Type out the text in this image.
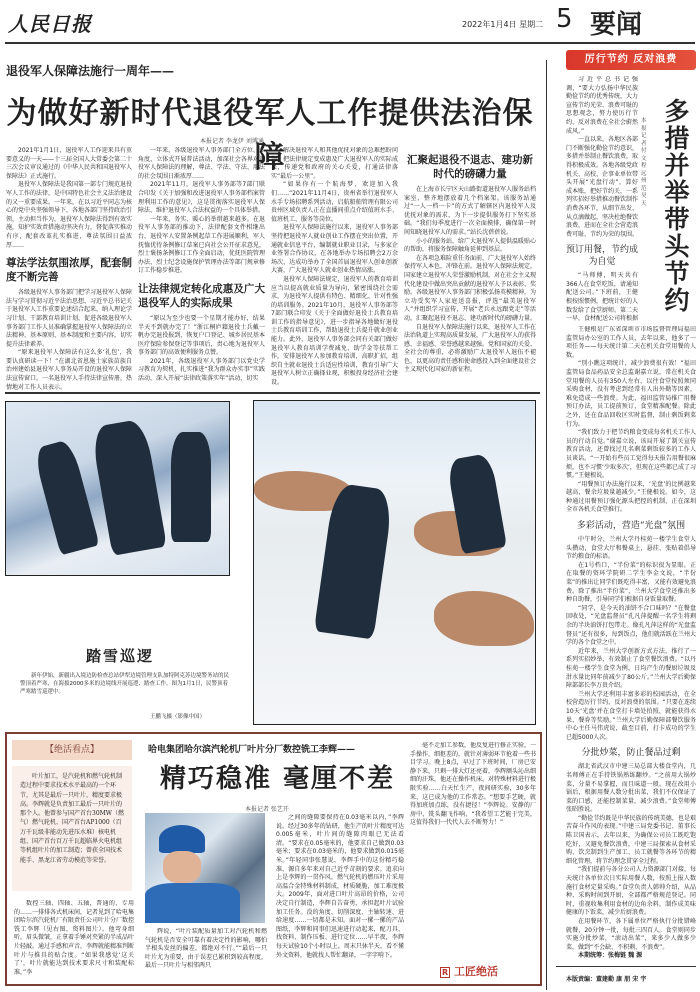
人民日报	2022年1月4日 星期二 5 要闻
退役军人保障法施行一周年——
为做好新时代退役军人工作提供法治保障
本报记者 李龙伊 刘博通

2021年1月1日，退役军人工作迎来具有重要意义的一天——十三届全国人大常委会第二十三次会议审议通过的《中华人民共和国退役军人保障法》正式施行。

退役军人保障法是我国第一部专门规范退役军人工作的法律，是中国特色社会主义法治建设的又一重要成果。一年来，在以习近平同志为核心的党中央坚强领导下，各地各部门坚持政治引领，主动担当作为，退役军人保障法得到有效实施，知护实效责措施动坚决有力，督促落实推动有序，配套改革扎实推进，尊法氛围日益浓厚……

尊法学法氛围浓厚，配套制度不断完善

各级退役军人事务部门把学习退役军人保障法与学习贯彻习近平法治思想、习近平总书记关于退役军人工作重要论述结合起来，纳入理论学习计划、干部教育培训计划，促进各级退役军人事务部门工作人员准确掌握退役军人保障法的立法精神、基本原则、基本制度和主要内容，切实提升法律素养。

“原来退役军人保障法有这么多‘礼包’，我要认真研读一下！”在湖北省恩施土家族苗族自治州建始县退役军人事务局开设的退役军人保障法宣传窗口，一名退役军人手持法律宣传册，热情地对工作人员表示。

一年来，各级退役军人事务部门全方位、多角度、立体式开展普法活动，加深社会各界对退役军人保障法的理解，尊法、学法、守法、用法的社会氛围日渐浓厚……

2021年11月，退役军人事务部等7部门联合印发《关于加强和改进退役军人事务部档案管理利用工作的意见》，这是贯彻落实退役军人保障法、维护退役军人合法权益的一个具体举措。

一年来，务实、暖心的举措越来越多。在退役军人事务部的推动下，法律配套文件相继出台，退役军人安置条例起草工作进展顺利，军人抚恤优待条例修订草案已向社会公开征求意见，烈士褒扬条例修订工作全面启动，优抚医院管理办法、烈士纪念设施保护管理办法等部门规章修订工作稳步推进。

让法律规定转化成惠及广大退役军人的实际成果

“原以为至少也要一个星期才能办好，结果半天不到就办完了！”浙江桐庐籍退役士兵戴一帆办完退役报到、恢复户口登记、城乡居民基本医疗保险参保登记等事项后，责心地为退役军人事务部门的高效便利服务点赞。

2021年，各级退役军人事务部门以党史学习教育为契机，扎实推进“我为群众办实事”实践活动，深入开展“法律政策落实年”活动，切实

解决退役军人和其他优抚对象的急难愁盼问题，把法律规定变成惠及广大退役军人的实际成果，传递党和政府的关心关爱，打通法律落实“最后一公里”。

“如果你有一个航海梦，欢迎加入我们……”2021年11月4日，贵州省举行退役军人水手专场招聘系列活动，启航船舶管理有限公司贵州区域负责人正在直播间重点介绍值班水手、值班机工、服务等岗位。

退役军人保障法施行以来，退役军人事务部坚持把退役军人就业创业工作摆在突出位置，开通就业信息平台，编制就业职业目录，与多家企业签署合作协议，在各地举办专场招聘会2万余场次，达成功举办了全国首届退役军人创业创新大赛，广大退役军人就业创业热情高涨。

退役军人保障法规定，退役军人的教育培训应当以提高就业质量为导向，紧密围绕社会需求，为退役军人提供有特色、精细化、针对性强的培训服务。2021年10月，退役军人事务部等7部门联合印发《关于全面做好退役士兵教育培训工作的指导意见》，进一步指导各地做好退役士兵教育培训工作，帮助退役士兵提升就业创业能力。此外，退役军人事务部会同有关部门做好退役军人教育培训学费减免、助学金等扶帮工作，安排退役军人参加教育培训，高职扩招，组织自主就业退役士兵适应性培训，教育引导广大退役军人树立正确择业观，积极投身经济社会建设。

汇聚起退役不退志、建功新时代的磅礴力量

在上海市长宁区天山路街道退役军人服务站档案室，整齐地摆放着几个档案架。该服务站通过“一人一档一卡”的方式了解辖区内退役军人及优抚对象的需求，为下一步提供服务打下坚实基础。“我们每季度进行一次全面摸排，确保第一时间知晓退役军人的需求。”站长沈蓓蓓说。

小小的服务站，给广大退役军人提供温暖贴心的帮助，将服务保障触角延伸到基层。

在各项急难险重任务面前，广大退役军人始终保持军人本色，冲锋在前。退役军人保障法规定，国家建立退役军人荣誉激励机制，对在社会主义现代化建设中做出突出贡献的退役军人予以表彰、奖励。各级退役军人事务部门积极弘扬英模精神，为立功受奖军人家庭送喜报，评选“最美退役军人”并组织学习宣传，开展“老兵永远跟党走”等活动，汇聚起退役不退志、建功新时代的磅礴力量。

自退役军人保障法施行以来，退役军人工作在法治轨道上实现高质量发展，广大退役军人的获得感、幸福感、荣誉感越来越强。党和国家的关爱、全社会的尊重，必将激励广大退役军人退伍不褪色，以更高的责任感和使命感投入到全面建设社会主义现代化国家的新征程。

踏雪巡逻
新年伊始，新疆出入境边防检查总站伊犁边境管理支队加特阿克苏边境警务站的民警顶着严寒，在海拔2000多米的边境线开展巡逻、踏查工作。图为1月1日，民警顶着严寒踏雪巡逻中。
王鹏飞摄（影像中国）
【绝活看点】
叶片加工，是汽轮机和燃气轮机制造过程中要求技术水平最高的一个环节，尤其是最后一只叶片，精度要求极高。李辉就是负责加工最后一只叶片的那个人。他曾参与国产首台30MW（燃气）燃气轮机、国产首台AP1000（百万千瓦级非能动先进压水堆）核电机组、国产首台百万千瓦超临界火电机组等机组叶片的加工制造；曾获全国技术能手、黑龙江省劳动模范等荣誉。
哈电集团哈尔滨汽轮机厂叶片分厂数控铣工李辉——
精巧稳准 毫厘不差
本报记者 张艺开

数控三轴、四轴、五轴，普通的、专用的……一排排各式机床间，记者见到了哈电集团哈尔滨汽轮机厂有限责任公司叶片分厂数控铣工李辉（见右图，资料图片）。他弯身细听，眉头微皱，正拿着手锤对夹紧的半成品叶片轻敲。通过手感和声音，李辉就能精准判断叶片与推具的贴合度。“如果我感觉‘这关了’，叶片就能达到技术要求尺寸和装配标准，”李

辉说，“叶片装配质量加工对汽轮机和燃气轮机是否安全可靠有着决定性的影响，哪怕半根头发丝的偏差，都绝对不行。”“最后一只叶片尤为重要，由于误差已累积到较高程度，最后一只叶片与相邻两只

之间的缝隙要保持在0.03毫米以内，”李辉说。经过30多年的钻研，他生产的叶片精度可达0.005毫米，叶片间的缝隙肉眼已无法看清。“要求在0.05毫米的，他要求自己做到0.03毫米；要求在0.03毫米的，他要求做到0.015毫米。”年轻同事张慧说，李辉手中的这份精巧稳准，源自多年来对自己近乎苛刻的要求。追求向上是李辉的一贯作风。燃气轮机的燃压叶片采用高温合金特殊材料制成，材质硬脆，加工难度极大。2009年，面对进口叶片高昂的价格，公司决定自行制造，李辉自告奋勇，承担起叶片试验加工任务。没的角度、切削深度、主轴转速、进给速度……一切都是未知。面对一摞一摞的产品图纸，李辉和同事们迅速进行动起来，配刀具、找资料、制作压板、进行定位……早半夜，李辉每天试验10个小时以上，周末只休半天，看不懂外文资料，他就找人帮忙翻译，一字字啃下。

毫不走加工参数，他反复进行修正实验，一手操作，细抠差的，就针对薄弱环节抢着一些书目学习。晚上8点，早过了下班时间，厂房已安静下来，只剩一排大灯还亮着，李辉额头沁出细细的汗珠，他还在操作机床，对特殊材料进行极限实验……白天忙生产，夜间研实验，30多年来，这已成为他的工作常态。“想要手艺硬，就得加班加点练，没有捷径！”李辉说。安静的厂房中，铣头翻飞作响，“我希望工艺能于完美，这值得我们一代代人去不断努力！”

R 工匠绝活
厉行节约 反对浪费
多措并举 带头节约
本报记者 付文 程远州 范昊天

习近平总书记强调，“要大力弘扬中华民族勤俭节约的优秀传统，大力宣传节约光荣、浪费可耻的思想观念，努力使厉行节约、反对浪费在全社会蔚然成风。”

一直以来，各地区各部门不断强化勤俭节约意识，多措并举制止餐饮浪费，取得积极成效。各地各级党政机关、高校、企事业单位带头开展“光盘行动”，算好成本账，把好节约关，一系列实招好举措推动餐饮制作消费各环节，从细节出发、从点滴做起，坚决杜绝餐饮浪费，进而在全社会营造浪费可耻、节约为荣的氛围。

预订用餐，节约成为自觉

“马师傅，明天共有366人在食堂吃饭，请通知配送公司。”下班前，王健根按照惯例，把统计好的人数发给了食堂厨师。第二天一早，食材配送公司将根据

王健根是广东省深圳市市场监督管理局福田监管局办公室的工作人员，去年以来，他多了一项任务——每天统计第二天在机关食堂用餐的人数。

“别小瞧这项统计，减少浪费很有效！”福田监管局食品药品安全总监谢嘉立说，常在机关食堂用餐的人员有350人左右，以往食堂按照须同采购食材，没有考虑到经常有人出外勤等因素，难免造成一些浪费。为此，福田监管局推广用餐预订办法，员工提前预订，食堂精准配餐。除此之外，还在食品回收区实时监督，制止剩饭剩菜行为。

“我们致力于把节约粮食变成每名机关工作人员的行动自觉。”谢嘉立说，该局开展了制关宣传教育活动，还曾找过几名剩菜剩饭较多的工作人员谈话。“一开始有些员工觉得每天报告用餐很麻烦，也不习惯‘少取多次’，但现在这些都已成了习惯。”王健根说。

“用餐预订办法施行以来，‘光盘’的比例越来越高，餐余垃圾量越减少。”王健根说。如今，这种通过用餐预订强化源头把控的机制，正在深圳全市各机关食堂推行。

多彩活动，营造“光盘”氛围

中午时分，兰州大学丹桂苑一楼学生食堂人头攒动，食堂大厅和餐桌上，悬挂、张贴着倡导节约粮食的标语。

在1号档口，“半份菜”的标识很为显眼。正在取餐的资环学院研二学生李金文说，“半份菜”的推出让同学们既吃得丰富，又能有效避免浪费。除了推出“半份菜”，兰州大学食堂还推出多种自助餐，引导同学们根据自身饭量取餐。

“同学，是今天的油饼不合口味吗？”在餐盘回收处，“光盘监督员”孔凡萍提醒一名学生将剩余的半块油饼打包带走。像孔凡萍这样的“光盘监督员”还有很多，每到饭点，他们就活跃在兰州大学的各个食堂之中。

近年来，兰州大学创新方式方法，推行了一系列实招妙举，有效制止了食堂餐饮浪费。“以丹桂苑一楼学生食堂为例，日均产生的餐厨垃圾及泔水量比同年前减少了80公斤。”兰州大学后勤保障部部长李万贵介绍。

兰州大学还利用丰富多彩的校园活动，在全校营造厉行节约、反对浪费的氛围。“只要在连续10天‘光盘’并在食堂打卡墙处拍照，就能获得水果、餐券等奖励。”兰州大学后勤保障部餐饮服务中心主任马伟虎说，截至目前，打卡成功的学生已超5000人次。

分批炒菜，防止餐品过剩

湖北省武汉市中建三局总部大楼食堂内，几名师傅正在手持铁锅熟练翻炒。“之前用大锅炒菜，分量不易掌握，而且味道一般。现在改用小锅后，根据用餐人数分批出菜，我们不仅保证了菜的口感，还能控制菜量，减少浪费。”食堂师傅张昭胜说。

“勤俭节约既是中华民族的传统美德，也是艰苦奋斗作风的表现。”中建三局党委书记、董事长陈卫国表示，去年以来，为确保公司员工既吃饱吃好，又避免餐饮浪费，中建三局探索从食材采购、饮烹制到生产加工、员工就餐等各环节的精细化管理，将节约理念贯穿全过程。

“我们提前与各分公司人力资源部门对接，每天统计各单位次日实际用餐人数，按照上报人数施行食材定量采购。”食堂负责人韩帅介绍，从品种、采购时间到开厨，全部都严格规范登记。同时，重视收集利用食材的边角余料，制作成美味健康的下饭菜，减少后厨浪费。

在用餐环节，各下属单位严格执行分批错峰就餐，20分钟一批，每批三四百人。食堂则同步实施分批炒菜，“滚动出菜”，来多少人做多少菜，做到“不会缺、不积剩、不浪费”。

本期统筹：张梅链 魏 源

本版责编：董建勤 康 朋 宋 宇
